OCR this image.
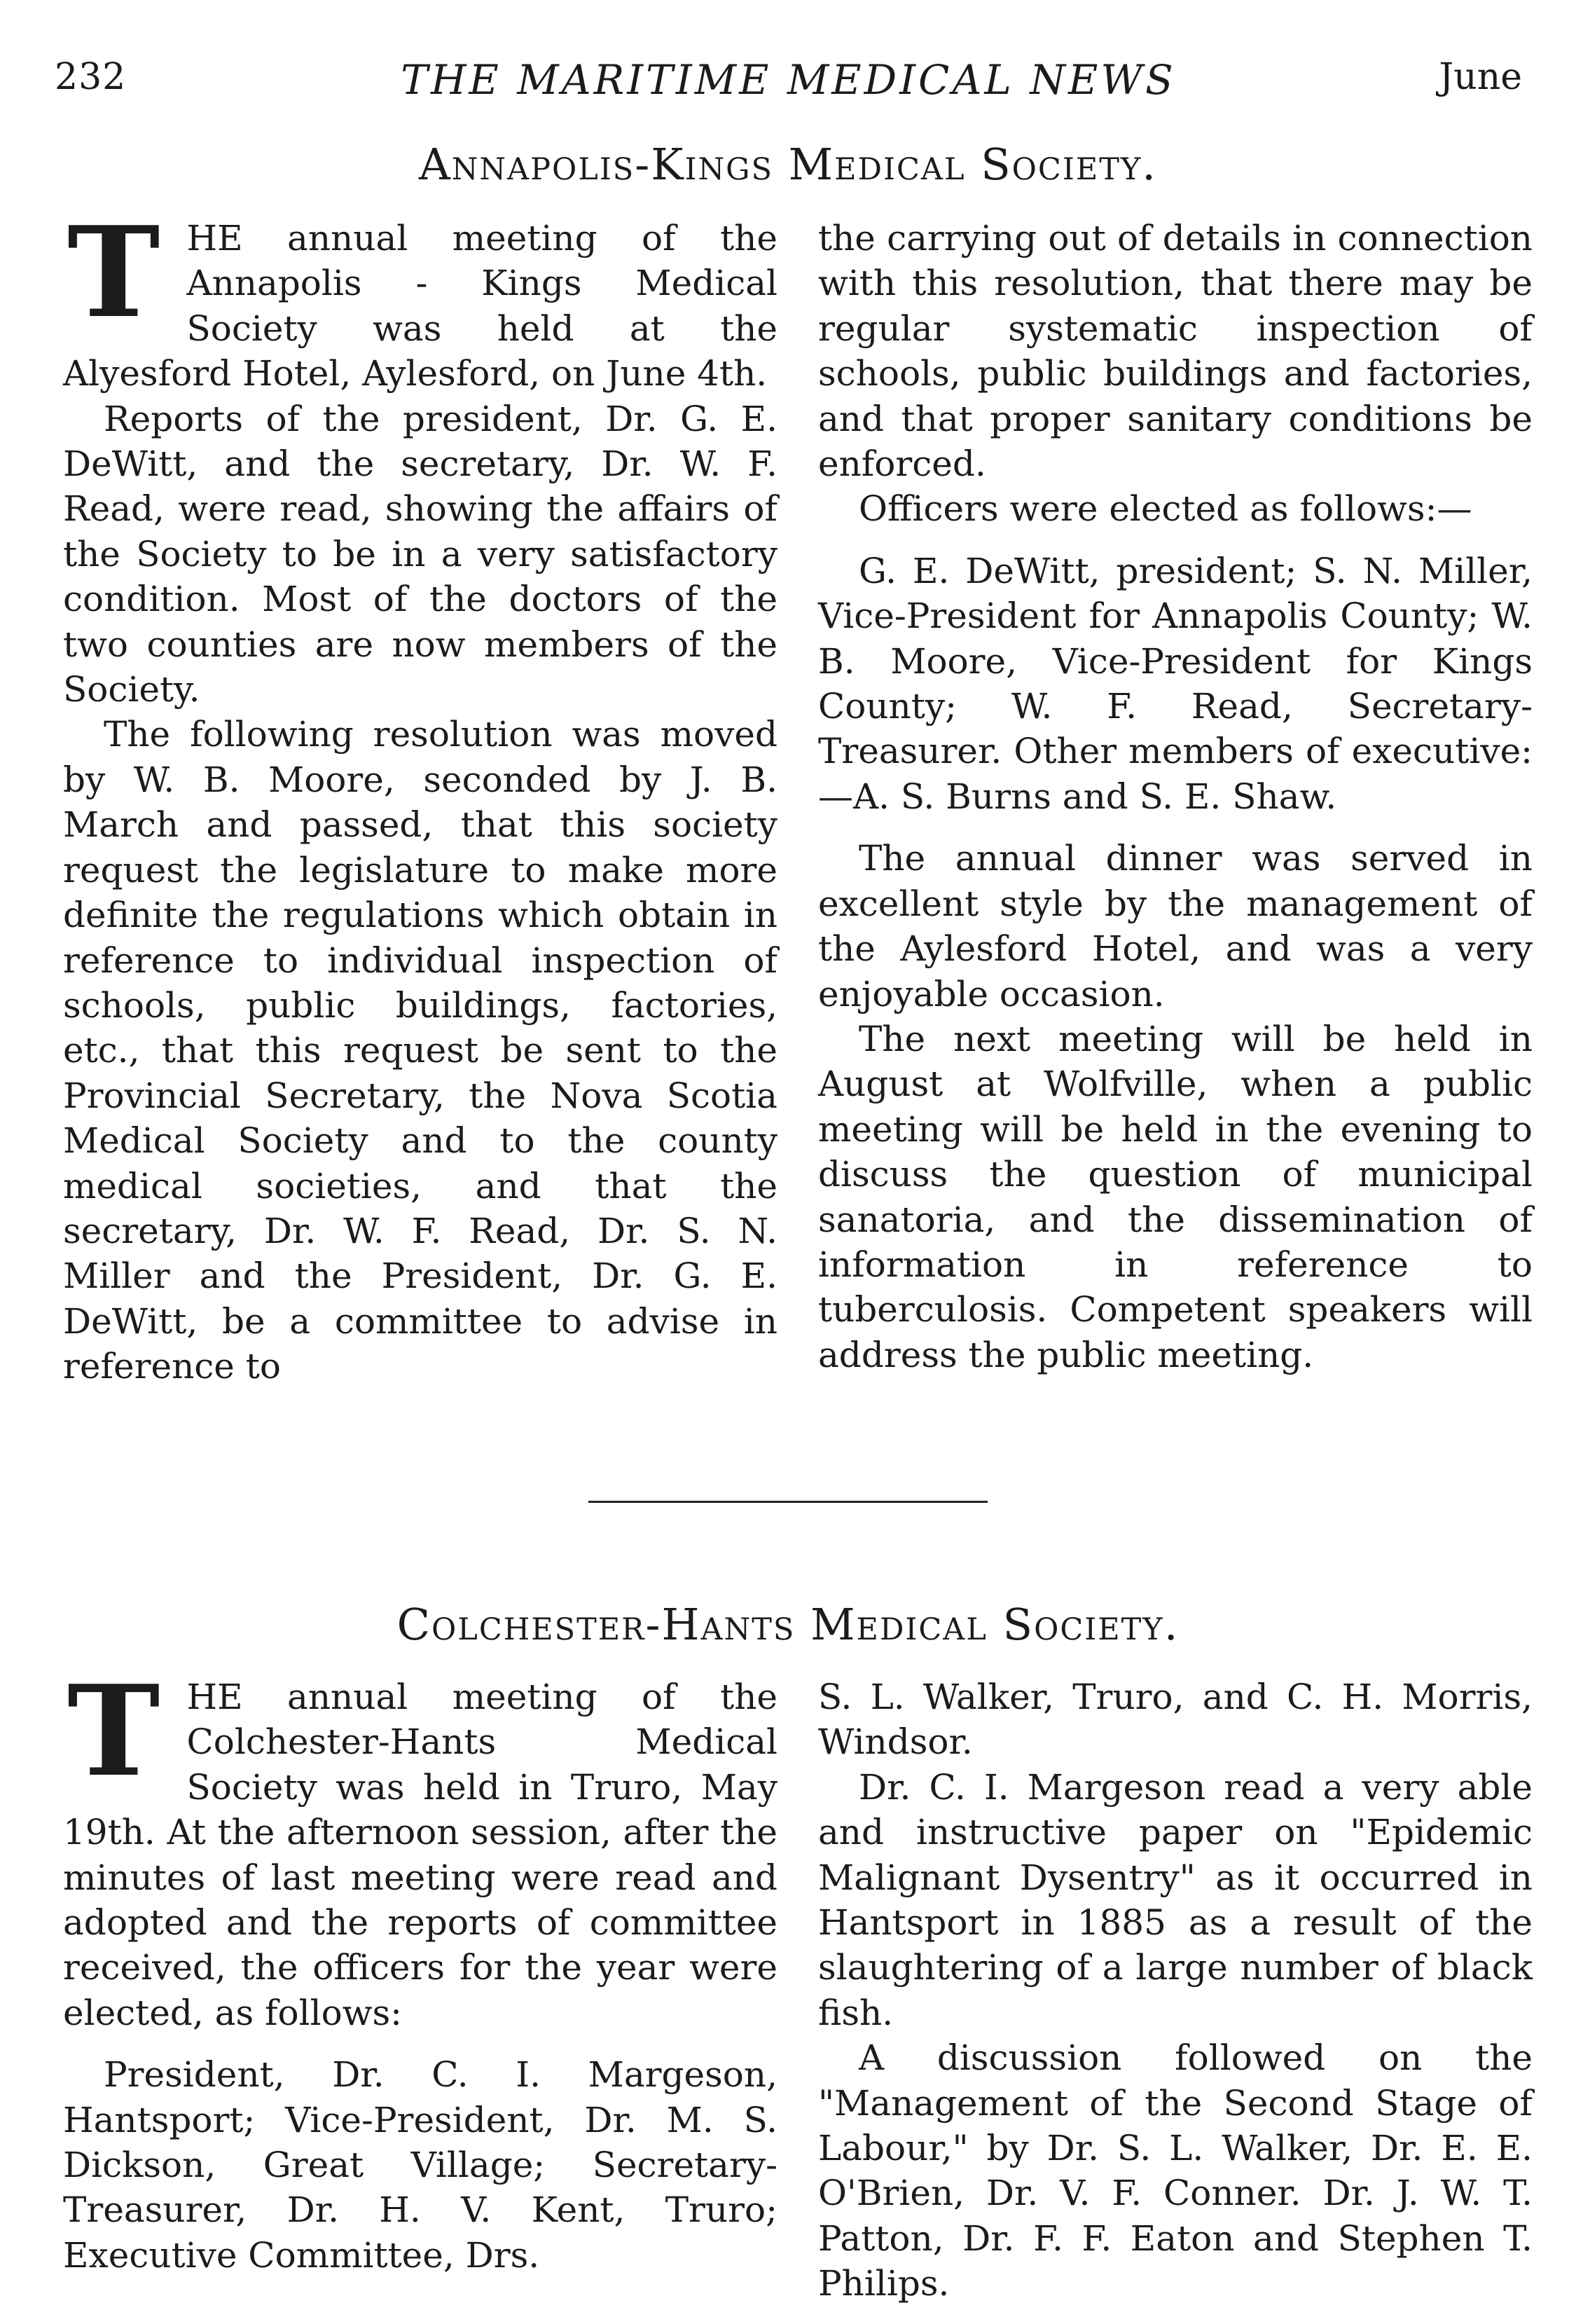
232	THE MARITIME MEDICAL NEWS	June
Annapolis-Kings Medical Society.

THE annual meeting of the Annapolis - Kings Medical Society was held at the Alyesford Hotel, Aylesford, on June 4th.

Reports of the president, Dr. G. E. DeWitt, and the secretary, Dr. W. F. Read, were read, showing the affairs of the Society to be in a very satisfactory condition. Most of the doctors of the two counties are now members of the Society.

The following resolution was moved by W. B. Moore, seconded by J. B. March and passed, that this society request the legislature to make more definite the regulations which obtain in reference to individual inspection of schools, public buildings, factories, etc., that this request be sent to the Provincial Secretary, the Nova Scotia Medical Society and to the county medical societies, and that the secretary, Dr. W. F. Read, Dr. S. N. Miller and the President, Dr. G. E. DeWitt, be a committee to advise in reference to

the carrying out of details in connection with this resolution, that there may be regular systematic inspection of schools, public buildings and factories, and that proper sanitary conditions be enforced.

Officers were elected as follows:—

G. E. DeWitt, president; S. N. Miller, Vice-President for Annapolis County; W. B. Moore, Vice-President for Kings County; W. F. Read, Secretary-Treasurer. Other members of executive:—A. S. Burns and S. E. Shaw.

The annual dinner was served in excellent style by the management of the Aylesford Hotel, and was a very enjoyable occasion.

The next meeting will be held in August at Wolfville, when a public meeting will be held in the evening to discuss the question of municipal sanatoria, and the dissemination of information in reference to tuberculosis. Competent speakers will address the public meeting.

Colchester-Hants Medical Society.

THE annual meeting of the Colchester-Hants Medical Society was held in Truro, May 19th. At the afternoon session, after the minutes of last meeting were read and adopted and the reports of committee received, the officers for the year were elected, as follows:

President, Dr. C. I. Margeson, Hantsport; Vice-President, Dr. M. S. Dickson, Great Village; Secretary-Treasurer, Dr. H. V. Kent, Truro; Executive Committee, Drs.

S. L. Walker, Truro, and C. H. Morris, Windsor.

Dr. C. I. Margeson read a very able and instructive paper on "Epidemic Malignant Dysentry" as it occurred in Hantsport in 1885 as a result of the slaughtering of a large number of black fish.

A discussion followed on the "Management of the Second Stage of Labour," by Dr. S. L. Walker, Dr. E. E. O'Brien, Dr. V. F. Conner. Dr. J. W. T. Patton, Dr. F. F. Eaton and Stephen T. Philips.
